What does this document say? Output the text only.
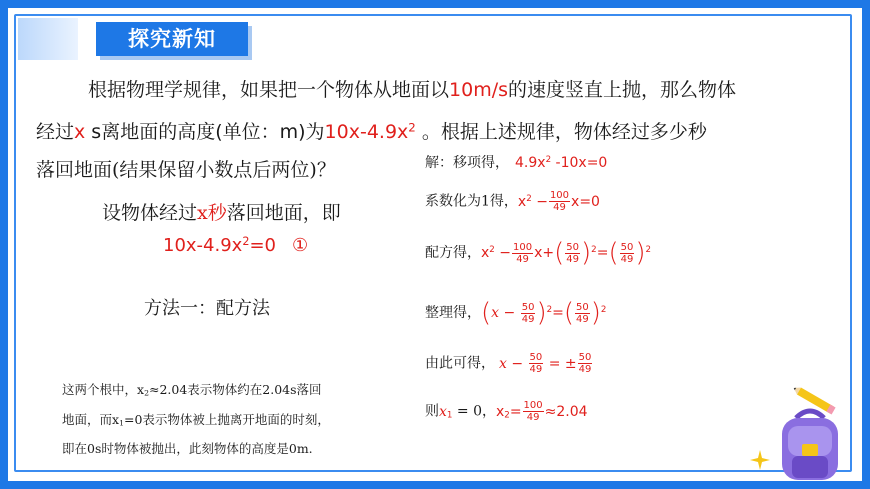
探究新知
根据物理学规律，如果把一个物体从地面以10m/s的速度竖直上抛，那么物体
经过x s离地面的高度(单位：m)为$10x-4.9x^2$ 。根据上述规律，物体经过多少秒
落回地面(结果保留小数点后两位)？
设物体经过x秒落回地面，即
$10x-4.9x^2=0$ ①
方法一：配方法
这两个根中，$x_2\approx 2.04$表示物体约在2.04s落回
地面，而$x_1=0$表示物体被上抛离开地面的时刻，
即在0s时物体被抛出，此刻物体的高度是0m.
解：移项得， $4.9x^2$ -10x=0
系数化为1得，$x^2 - \frac{100}{49} x=0$
配方得，$x^2 - \frac{100}{49} x+( \frac{50}{49} )^2=( \frac{50}{49} )^2$
整理得，$(x - \frac{50}{49} )^2=( \frac{50}{49} )^2$
由此可得， $x - \frac{50}{49}$ = ± $\frac{50}{49}$
则$x_1 = 0$，$x_2= \frac{100}{49} \approx 2.04$
